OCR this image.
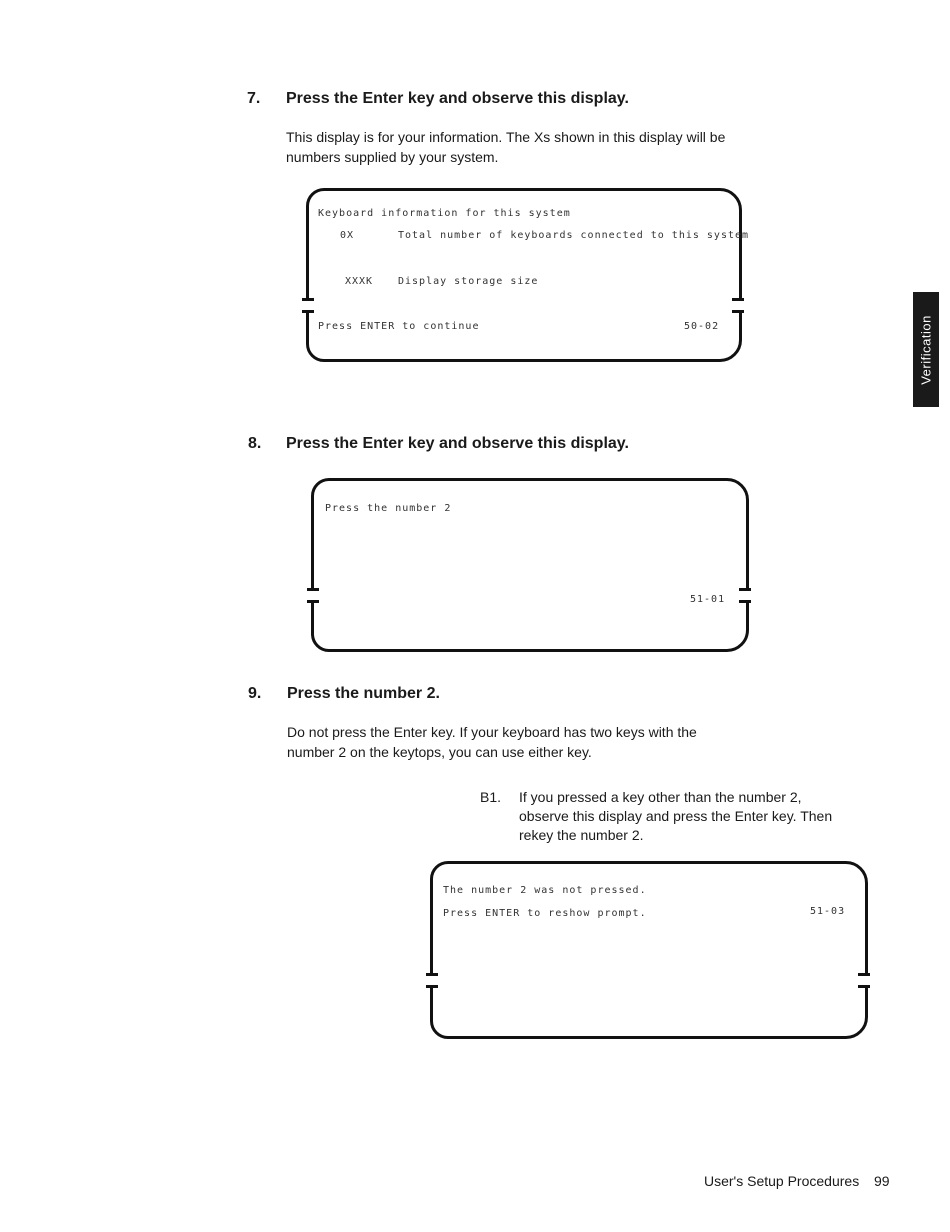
Verification
7. Press the Enter key and observe this display.
This display is for your information. The Xs shown in this display will be
numbers supplied by your system.
Keyboard information for this system
0X	Total number of keyboards connected to this system
XXXK Display storage size
Press ENTER to continue	50-02
8. Press the Enter key and observe this display.
Press the number 2
51-01
9. Press the number 2.
Do not press the Enter key. If your keyboard has two keys with the
number 2 on the keytops, you can use either key.
B1. If you pressed a key other than the number 2,
observe this display and press the Enter key. Then
rekey the number 2.
The number 2 was not pressed.
Press ENTER to reshow prompt.	51-03
User's Setup Procedures 99
